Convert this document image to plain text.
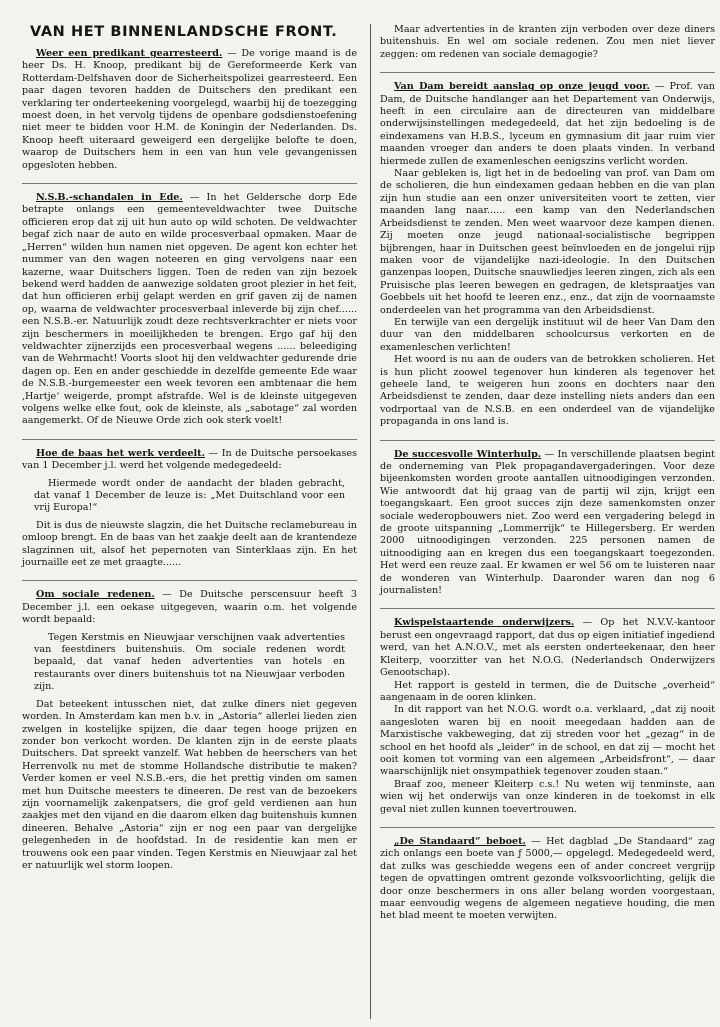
VAN HET BINNENLANDSCHE FRONT.

Weer een predikant gearresteerd. — De vorige maand is de heer Ds. H. Knoop, predikant bij de Gereformeerde Kerk van Rotterdam-Delfshaven door de Sicherheitspolizei gearresteerd. Een paar dagen tevoren hadden de Duitschers den predikant een verklaring ter onderteekening voorgelegd, waarbij hij de toezegging moest doen, in het vervolg tijdens de openbare godsdienstoefening niet meer te bidden voor H.M. de Koningin der Nederlanden. Ds. Knoop heeft uiteraard geweigerd een dergelijke belofte te doen, waarop de Duitschers hem in een van hun vele gevangenissen opgesloten hebben.

N.S.B.-schandalen in Ede. — In het Gelderschе dorp Ede betrapte onlangs een gemeenteveldwachter twee Duitsche officieren erop dat zij uit hun auto op wild schoten. De veldwachter begaf zich naar de auto en wilde procesverbaal opmaken. Maar de „Herren“ wilden hun namen niet opgeven. De agent kon echter het nummer van den wagen noteeren en ging vervolgens naar een kazerne, waar Duitschers liggen. Toen de reden van zijn bezoek bekend werd hadden de aanwezige soldaten groot plezier in het feit, dat hun officieren erbij gelapt werden en grif gaven zij de namen op, waarna de veldwachter procesverbaal inleverde bij zijn chef...... een N.S.B.-er. Natuurlijk zoudt deze rechtsverkrachter er niets voor zijn beschermers in moeilijkheden te brengen. Ergo gaf hij den veldwachter zijnerzijds een procesverbaal wegens ...... beleediging van de Wehrmacht! Voorts sloot hij den veldwachter gedurende drie dagen op. Een en ander geschiedde in dezelfde gemeente Ede waar de N.S.B.-burgemeester een week tevoren een ambtenaar die hem ‚Hartje‘ weigerde, prompt afstrafde. Wel is de kleinste uitgegeven volgens welke elke fout, ook de kleinste, als „sabotage“ zal worden aangemerkt. Of de Nieuwe Orde zich ook sterk voelt!

Hoe de baas het werk verdeelt. — In de Duitsche persoekases van 1 December j.l. werd het volgende medegedeeld:

Hiermede wordt onder de aandacht der bladen gebracht, dat vanaf 1 December de leuze is: „Met Duitschland voor een vrij Europa!“

Dit is dus de nieuwste slagzin, die het Duitsche reclamebureau in omloop brengt. En de baas van het zaakje deelt aan de krantendeze slagzinnen uit, alsof het pepernoten van Sinterklaas zijn. En het journaille eet ze met graagte......

Om sociale redenen. — De Duitsche perscensuur heeft 3 December j.l. een oekase uitgegeven, waarin o.m. het volgende wordt bepaald:

Tegen Kerstmis en Nieuwjaar verschijnen vaak advertenties van feestdiners buitenshuis. Om sociale redenen wordt bepaald, dat vanaf heden advertenties van hotels en restaurants over diners buitenshuis tot na Nieuwjaar verboden zijn.

Dat beteekent intusschen niet, dat zulke diners niet gegeven worden. In Amsterdam kan men b.v. in „Astoria“ allerlei lieden zien zwelgen in kostelijke spijzen, die daar tegen hooge prijzen en zonder bon verkocht worden. De klanten zijn in de eerste plaats Duitschers. Dat spreekt vanzelf. Wat hebben de heerschers van het Herrenvolk nu met de stomme Hollandsche distributie te maken? Verder komen er veel N.S.B.-ers, die het prettig vinden om samen met hun Duitsche meesters te dineeren. De rest van de bezoekers zijn voornamelijk zakenpatsers, die grof geld verdienen aan hun zaakjes met den vijand en die daarom elken dag buitenshuis kunnen dineeren. Behalve „Astoria“ zijn er nog een paar van dergelijke gelegenheden in de hoofdstad. In de residentie kan men er trouwens ook een paar vinden. Tegen Kerstmis en Nieuwjaar zal het er natuurlijk wel storm loopen.

Maar advertenties in de kranten zijn verboden over deze diners buitenshuis. En wel om sociale redenen. Zou men niet liever zeggen: om redenen van sociale demagogie?

Van Dam bereidt aanslag op onze jeugd voor. — Prof. van Dam, de Duitsche handlanger aan het Departement van Onderwijs, heeft in een circulaire aan de directeuren van middelbare onderwijsinstellingen medegedeeld, dat het zijn bedoeling is de eindexamens van H.B.S., lyceum en gymnasium dit jaar ruim vier maanden vroeger dan anders te doen plaats vinden. In verband hiermede zullen de examenleschen eenigszins verlicht worden.

Naar gebleken is, ligt het in de bedoeling van prof. van Dam om de scholieren, die hun eindexamen gedaan hebben en die van plan zijn hun studie aan een onzer universiteiten voort te zetten, vier maanden lang naar...... een kamp van den Nederlandschen Arbeidsdienst te zenden. Men weet waarvoor deze kampen dienen. Zij moeten onze jeugd nationaal-socialistische begrippen bijbrengen, haar in Duitschen geest beïnvloeden en de jongelui rijp maken voor de vijandelijke nazi-ideologie. In den Duitschen ganzenpas loopen, Duitsche snauwliedjes leeren zingen, zich als een Pruisische plas leeren bewegen en gedragen, de kletspraatjes van Goebbels uit het hoofd te leeren enz., enz., dat zijn de voornaamste onderdeelen van het programma van den Arbeidsdienst.

En terwijle van een dergelijk instituut wil de heer Van Dam den duur van den middelbaren schoolcursus verkorten en de examenleschen verlichten!

Het woord is nu aan de ouders van de betrokken scholieren. Het is hun plicht zoowel tegenover hun kinderen als tegenover het geheele land, te weigeren hun zoons en dochters naar den Arbeidsdienst te zenden, daar deze instelling niets anders dan een vodrportaal van de N.S.B. en een onderdeel van de vijandelijke propaganda in ons land is.

De succesvolle Winterhulp. — In verschillende plaatsen begint de onderneming van Plek propagandavergaderingen. Voor deze bijeenkomsten worden groote aantallen uitnoodigingen verzonden. Wie antwoordt dat hij graag van de partij wil zijn, krijgt een toegangskaart. Een groot succes zijn deze samenkomsten onzer sociale wederopbouwers niet. Zoo werd een vergadering belegd in de groote uitspanning „Lommerrijk“ te Hillegersberg. Er werden 2000 uitnoodigingen verzonden. 225 personen namen de uitnoodiging aan en kregen dus een toegangskaart toegezonden. Het werd een reuze zaal. Er kwamen er wel 56 om te luisteren naar de wonderen van Winterhulp. Daaronder waren dan nog 6 journalisten!

Kwispelstaartende onderwijzers. — Op het N.V.V.-kantoor berust een ongevraagd rapport, dat dus op eigen initiatief ingediend werd, van het A.N.O.V., met als eersten onderteekenaar, den heer Kleiterp, voorzitter van het N.O.G. (Nederlandsch Onderwijzers Genootschap).

Het rapport is gesteld in termen, die de Duitsche „overheid“ aangenaam in de ooren klinken.

In dit rapport van het N.O.G. wordt o.a. verklaard, „dat zij nooit aangesloten waren bij en nooit meegedaan hadden aan de Marxistische vakbeweging, dat zij streden voor het „gezag“ in de school en het hoofd als „leider“ in de school, en dat zij — mocht het ooit komen tot vorming van een algemeen „Arbeidsfront“, — daar waarschijnlijk niet onsympathiek tegenover zouden staan.“

Braaf zoo, meneer Kleiterp c.s.! Nu weten wij tenminste, aan wien wij het onderwijs van onze kinderen in de toekomst in elk geval niet zullen kunnen toevertrouwen.

„De Standaard“ beboet. — Het dagblad „De Standaard“ zag zich onlangs een boete van ƒ 5000,— opgelegd. Medegedeeld werd, dat zulks was geschiedde wegens een of ander concreet vergrijp tegen de opvattingen omtrent gezonde volksvoorlichting, gelijk die door onze beschermers in ons aller belang worden voorgestaan, maar eenvoudig wegens de algemeen negatieve houding, die men het blad meent te moeten verwijten.
